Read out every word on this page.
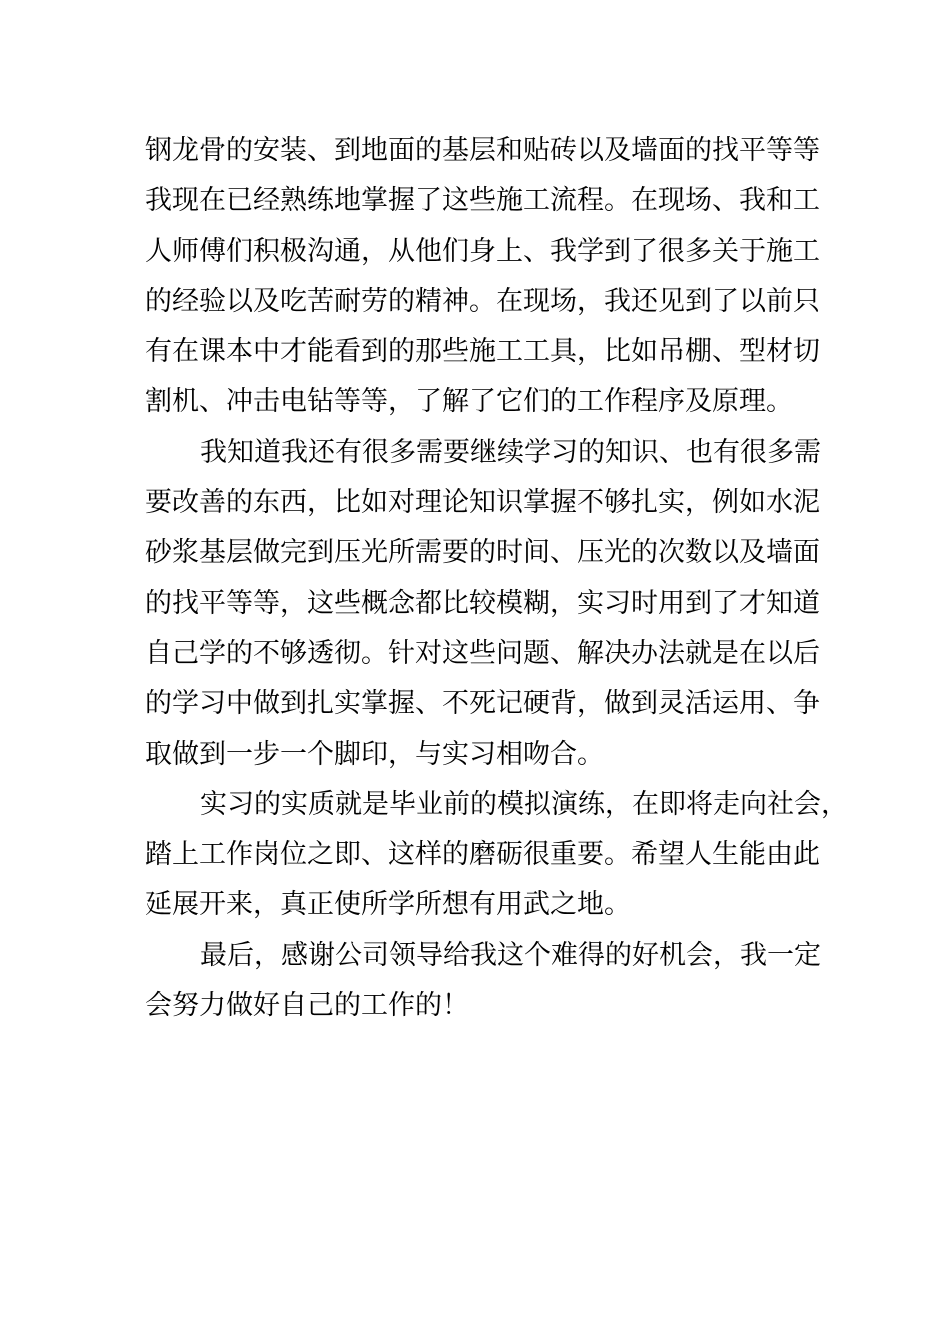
钢龙骨的安装、到地面的基层和贴砖以及墙面的找平等等
我现在已经熟练地掌握了这些施工流程。在现场、我和工
人师傅们积极沟通，从他们身上、我学到了很多关于施工
的经验以及吃苦耐劳的精神。在现场，我还见到了以前只
有在课本中才能看到的那些施工工具，比如吊棚、型材切
割机、冲击电钻等等，了解了它们的工作程序及原理。
我知道我还有很多需要继续学习的知识、也有很多需
要改善的东西，比如对理论知识掌握不够扎实，例如水泥
砂浆基层做完到压光所需要的时间、压光的次数以及墙面
的找平等等，这些概念都比较模糊，实习时用到了才知道
自己学的不够透彻。针对这些问题、解决办法就是在以后
的学习中做到扎实掌握、不死记硬背，做到灵活运用、争
取做到一步一个脚印，与实习相吻合。
实习的实质就是毕业前的模拟演练，在即将走向社会，
踏上工作岗位之即、这样的磨砺很重要。希望人生能由此
延展开来，真正使所学所想有用武之地。
最后，感谢公司领导给我这个难得的好机会，我一定
会努力做好自己的工作的！
